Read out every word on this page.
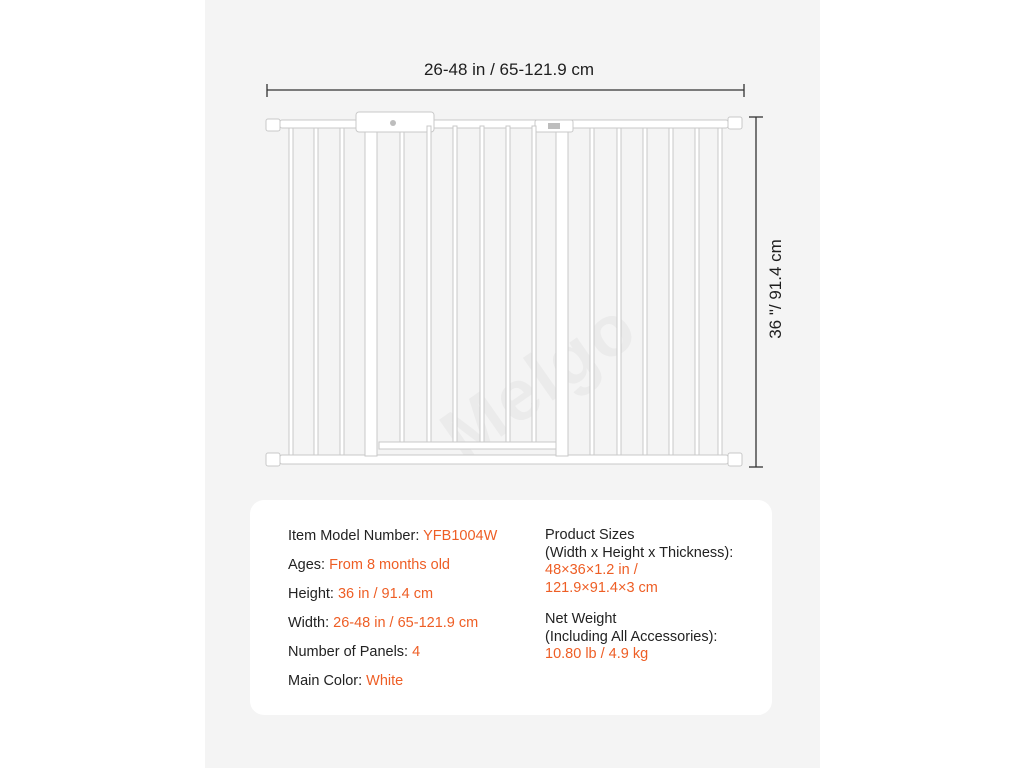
26-48 in / 65-121.9 cm
36 "/ 91.4 cm
Item Model Number: YFB1004W
Ages: From 8 months old
Height: 36 in / 91.4 cm
Width: 26-48 in / 65-121.9 cm
Number of Panels: 4
Main Color: White
Product Sizes
(Width x Height x Thickness):
48×36×1.2 in /
121.9×91.4×3 cm
Net Weight
(Including All Accessories):
10.80 lb / 4.9 kg
